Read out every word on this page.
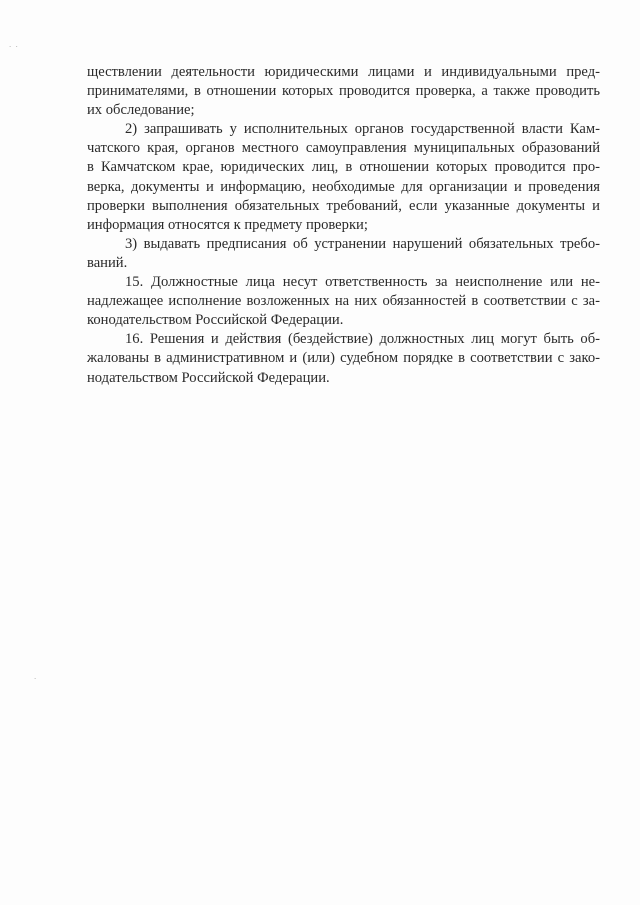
·  ·
·

ществлении деятельности юридическими лицами и индивидуальными пред-
принимателями, в отношении которых проводится проверка, а также проводить
их обследование;

2) запрашивать у исполнительных органов государственной власти Кам-
чатского края, органов местного самоуправления муниципальных образований
в Камчатском крае, юридических лиц, в отношении которых проводится про-
верка, документы и информацию, необходимые для организации и проведения
проверки выполнения обязательных требований, если указанные документы и
информация относятся к предмету проверки;

3) выдавать предписания об устранении нарушений обязательных требо-
ваний.

15. Должностные лица несут ответственность за неисполнение или не-
надлежащее исполнение возложенных на них обязанностей в соответствии с за-
конодательством Российской Федерации.

16. Решения и действия (бездействие) должностных лиц могут быть об-
жалованы в административном и (или) судебном порядке в соответствии с зако-
нодательством Российской Федерации.
